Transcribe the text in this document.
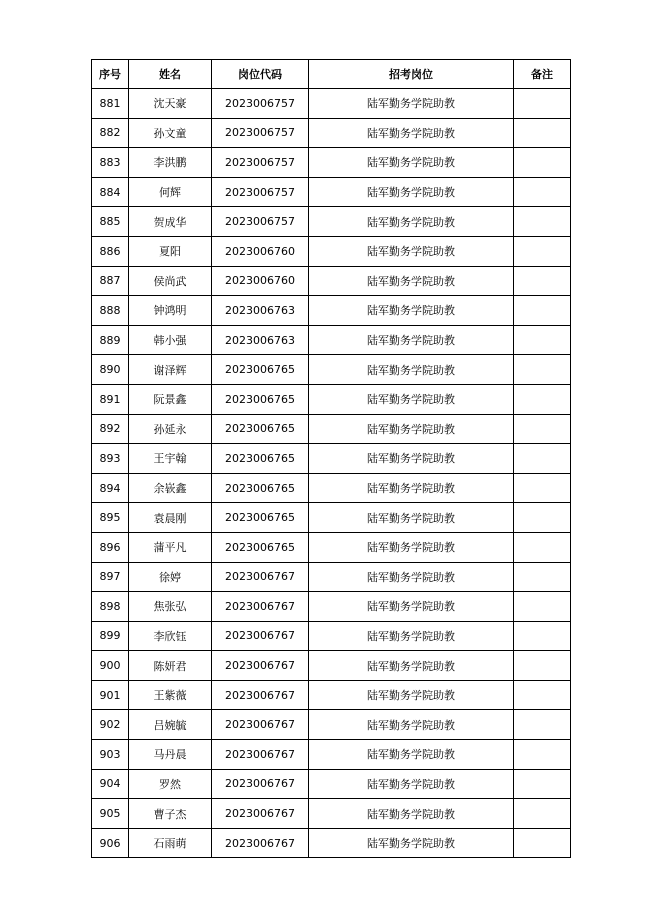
序号	姓名	岗位代码	招考岗位	备注
881	沈天豪	2023006757	陆军勤务学院助教	
882	孙文童	2023006757	陆军勤务学院助教	
883	李洪鹏	2023006757	陆军勤务学院助教	
884	何辉	2023006757	陆军勤务学院助教	
885	贺成华	2023006757	陆军勤务学院助教	
886	夏阳	2023006760	陆军勤务学院助教	
887	侯尚武	2023006760	陆军勤务学院助教	
888	钟鸿明	2023006763	陆军勤务学院助教	
889	韩小强	2023006763	陆军勤务学院助教	
890	谢泽辉	2023006765	陆军勤务学院助教	
891	阮景鑫	2023006765	陆军勤务学院助教	
892	孙延永	2023006765	陆军勤务学院助教	
893	王宇翰	2023006765	陆军勤务学院助教	
894	余嵚鑫	2023006765	陆军勤务学院助教	
895	袁晨刚	2023006765	陆军勤务学院助教	
896	蒲平凡	2023006765	陆军勤务学院助教	
897	徐婷	2023006767	陆军勤务学院助教	
898	焦张弘	2023006767	陆军勤务学院助教	
899	李欣钰	2023006767	陆军勤务学院助教	
900	陈妍君	2023006767	陆军勤务学院助教	
901	王紫薇	2023006767	陆军勤务学院助教	
902	吕婉毓	2023006767	陆军勤务学院助教	
903	马丹晨	2023006767	陆军勤务学院助教	
904	罗然	2023006767	陆军勤务学院助教	
905	曹子杰	2023006767	陆军勤务学院助教	
906	石雨萌	2023006767	陆军勤务学院助教	
